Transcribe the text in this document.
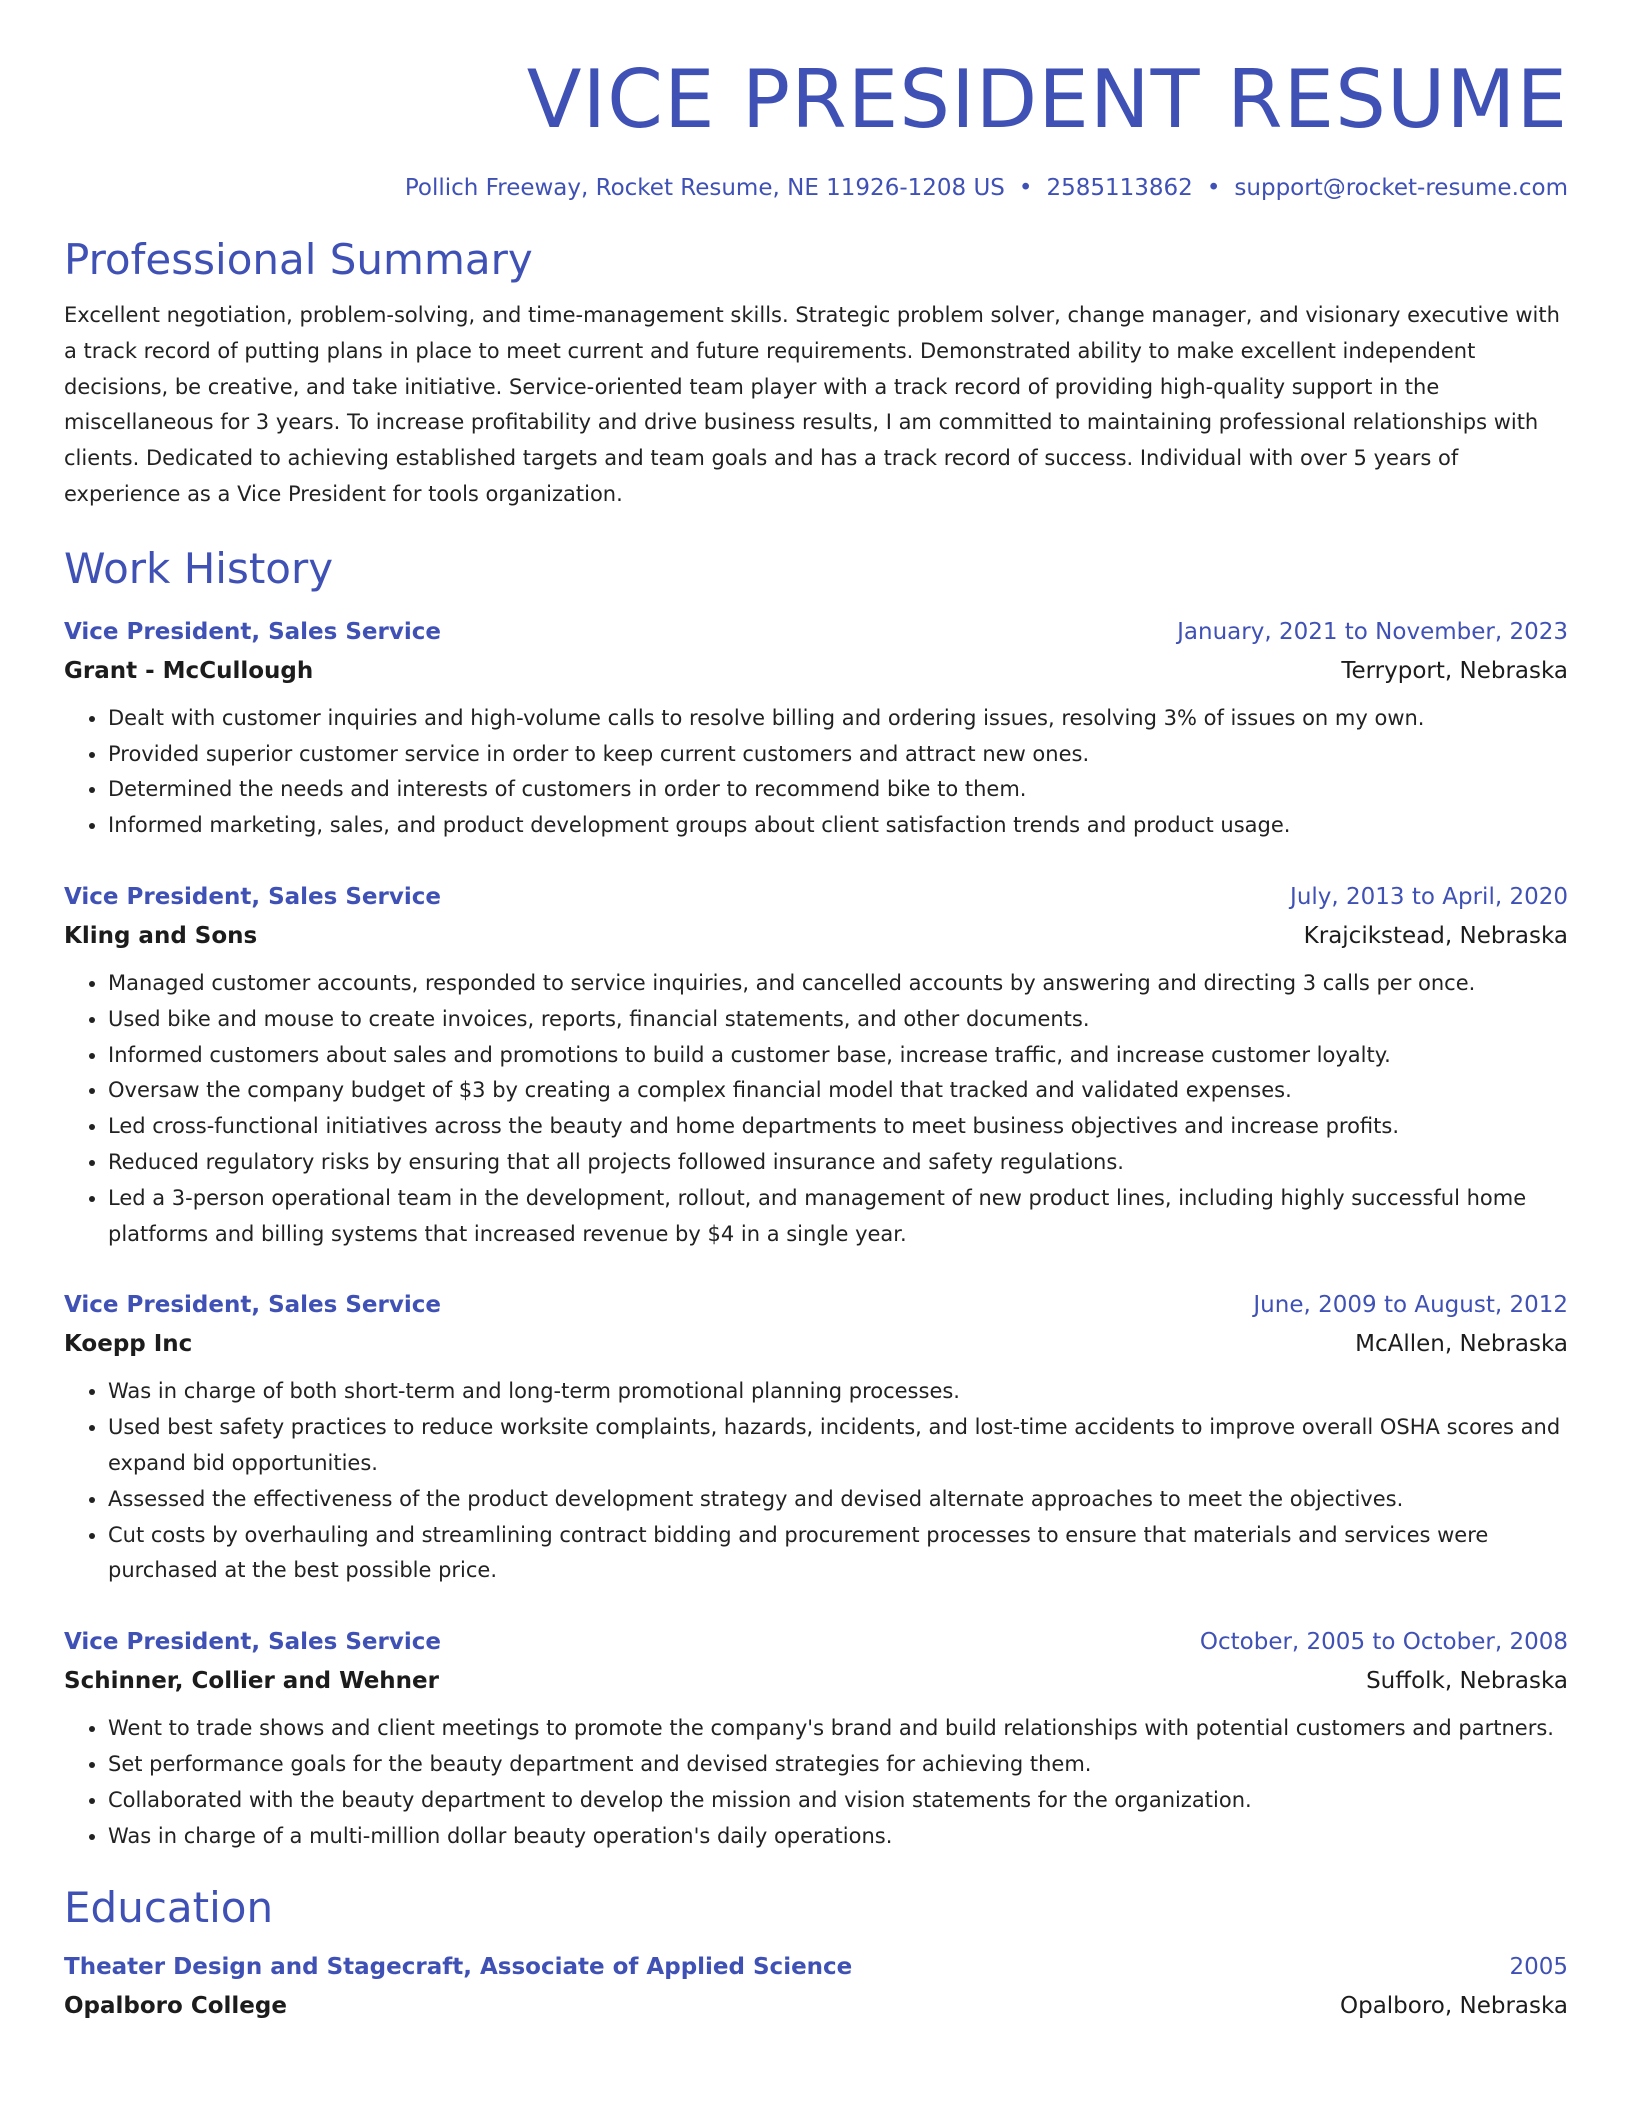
VICE PRESIDENT RESUME
Pollich Freeway, Rocket Resume, NE 11926-1208 US • 2585113862 • support@rocket-resume.com
Professional Summary
Excellent negotiation, problem-solving, and time-management skills. Strategic problem solver, change manager, and visionary executive with a track record of putting plans in place to meet current and future requirements. Demonstrated ability to make excellent independent decisions, be creative, and take initiative. Service-oriented team player with a track record of providing high-quality support in the miscellaneous for 3 years. To increase profitability and drive business results, I am committed to maintaining professional relationships with clients. Dedicated to achieving established targets and team goals and has a track record of success. Individual with over 5 years of experience as a Vice President for tools organization.
Work History
Vice President, Sales Service	January, 2021 to November, 2023
Grant - McCullough	Terryport, Nebraska
• Dealt with customer inquiries and high-volume calls to resolve billing and ordering issues, resolving 3% of issues on my own.
• Provided superior customer service in order to keep current customers and attract new ones.
• Determined the needs and interests of customers in order to recommend bike to them.
• Informed marketing, sales, and product development groups about client satisfaction trends and product usage.
Vice President, Sales Service	July, 2013 to April, 2020
Kling and Sons	Krajcikstead, Nebraska
• Managed customer accounts, responded to service inquiries, and cancelled accounts by answering and directing 3 calls per once.
• Used bike and mouse to create invoices, reports, financial statements, and other documents.
• Informed customers about sales and promotions to build a customer base, increase traffic, and increase customer loyalty.
• Oversaw the company budget of $3 by creating a complex financial model that tracked and validated expenses.
• Led cross-functional initiatives across the beauty and home departments to meet business objectives and increase profits.
• Reduced regulatory risks by ensuring that all projects followed insurance and safety regulations.
• Led a 3-person operational team in the development, rollout, and management of new product lines, including highly successful home platforms and billing systems that increased revenue by $4 in a single year.
Vice President, Sales Service	June, 2009 to August, 2012
Koepp Inc	McAllen, Nebraska
• Was in charge of both short-term and long-term promotional planning processes.
• Used best safety practices to reduce worksite complaints, hazards, incidents, and lost-time accidents to improve overall OSHA scores and expand bid opportunities.
• Assessed the effectiveness of the product development strategy and devised alternate approaches to meet the objectives.
• Cut costs by overhauling and streamlining contract bidding and procurement processes to ensure that materials and services were purchased at the best possible price.
Vice President, Sales Service	October, 2005 to October, 2008
Schinner, Collier and Wehner	Suffolk, Nebraska
• Went to trade shows and client meetings to promote the company's brand and build relationships with potential customers and partners.
• Set performance goals for the beauty department and devised strategies for achieving them.
• Collaborated with the beauty department to develop the mission and vision statements for the organization.
• Was in charge of a multi-million dollar beauty operation's daily operations.
Education
Theater Design and Stagecraft, Associate of Applied Science	2005
Opalboro College	Opalboro, Nebraska
